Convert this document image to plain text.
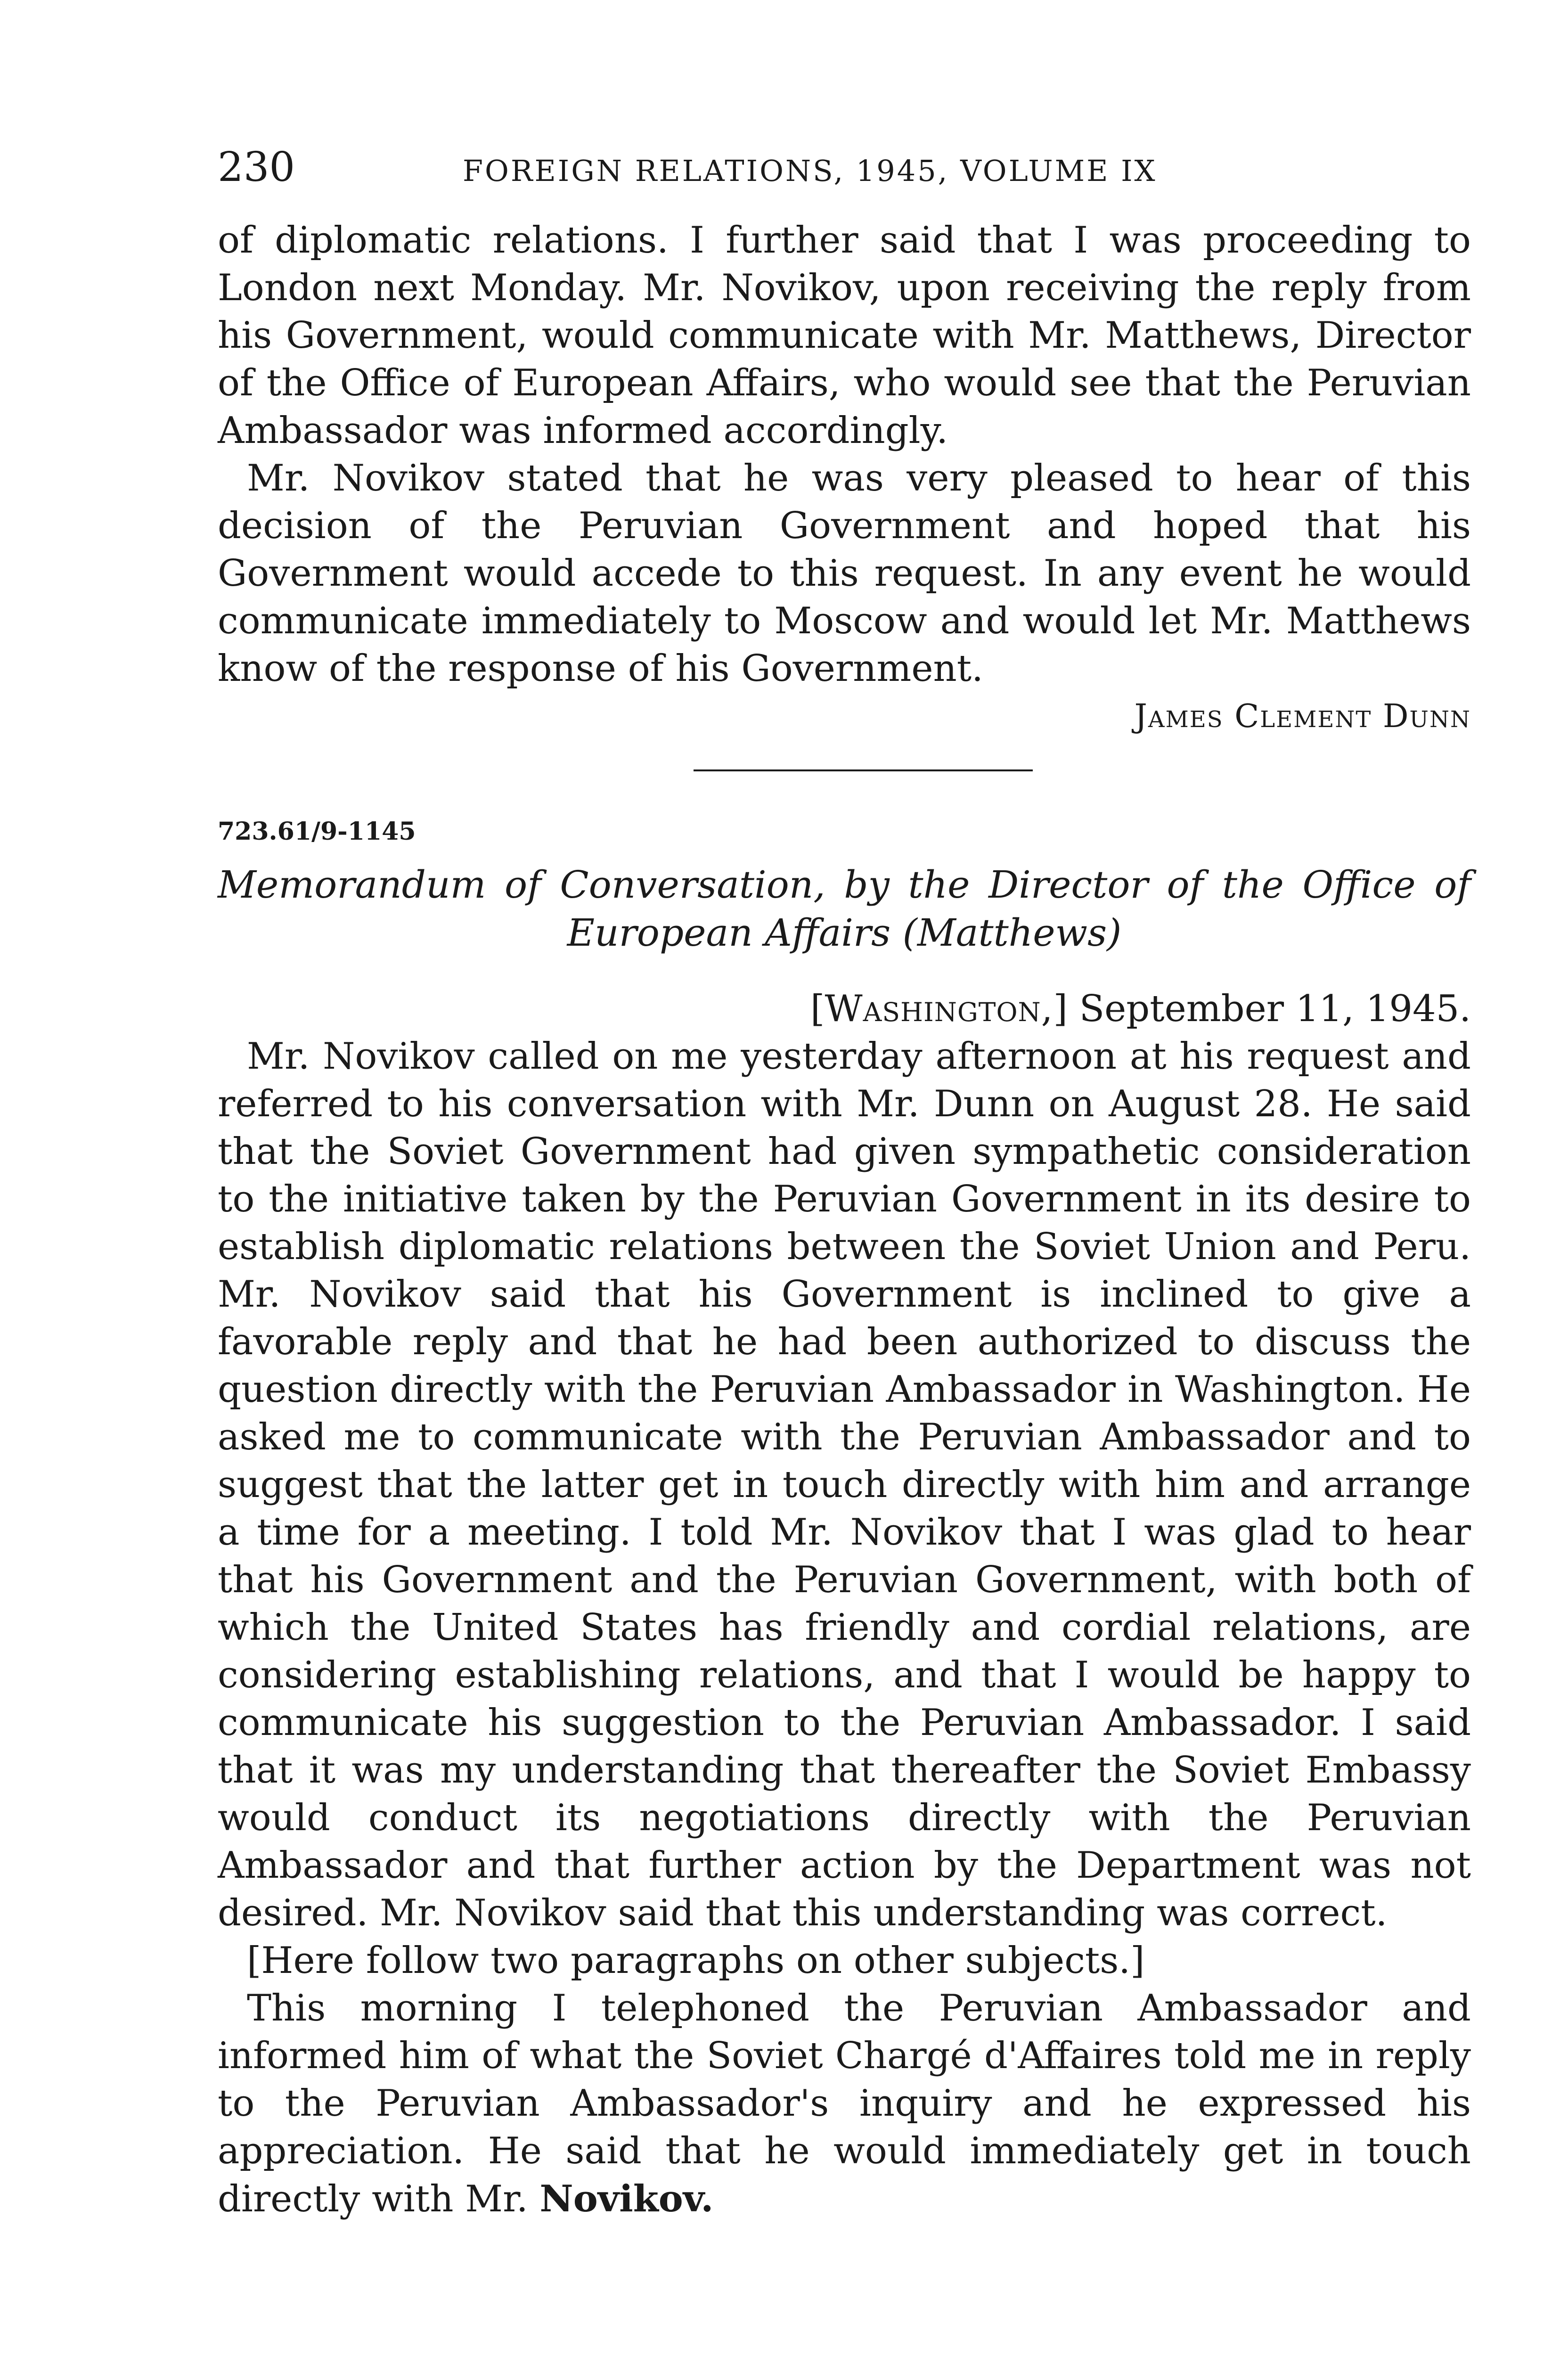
230	FOREIGN RELATIONS, 1945, VOLUME IX

of diplomatic relations. I further said that I was proceeding to London next Monday. Mr. Novikov, upon receiving the reply from his Government, would communicate with Mr. Matthews, Director of the Office of European Affairs, who would see that the Peruvian Ambassador was informed accordingly.

Mr. Novikov stated that he was very pleased to hear of this decision of the Peruvian Government and hoped that his Government would accede to this request. In any event he would communicate immediately to Moscow and would let Mr. Matthews know of the response of his Government.

James Clement Dunn
723.61/9-1145
Memorandum of Conversation, by the Director of the Office of
European Affairs (Matthews)
[Washington,] September 11, 1945.

Mr. Novikov called on me yesterday afternoon at his request and referred to his conversation with Mr. Dunn on August 28. He said that the Soviet Government had given sympathetic consideration to the initiative taken by the Peruvian Government in its desire to establish diplomatic relations between the Soviet Union and Peru. Mr. Novikov said that his Government is inclined to give a favorable reply and that he had been authorized to discuss the question directly with the Peruvian Ambassador in Washington. He asked me to communicate with the Peruvian Ambassador and to suggest that the latter get in touch directly with him and arrange a time for a meeting. I told Mr. Novikov that I was glad to hear that his Government and the Peruvian Government, with both of which the United States has friendly and cordial relations, are considering establishing relations, and that I would be happy to communicate his suggestion to the Peruvian Ambassador. I said that it was my understanding that thereafter the Soviet Embassy would conduct its negotiations directly with the Peruvian Ambassador and that further action by the Department was not desired. Mr. Novikov said that this understanding was correct.

[Here follow two paragraphs on other subjects.]

This morning I telephoned the Peruvian Ambassador and informed him of what the Soviet Chargé d'Affaires told me in reply to the Peruvian Ambassador's inquiry and he expressed his appreciation. He said that he would immediately get in touch directly with Mr. Novikov.
